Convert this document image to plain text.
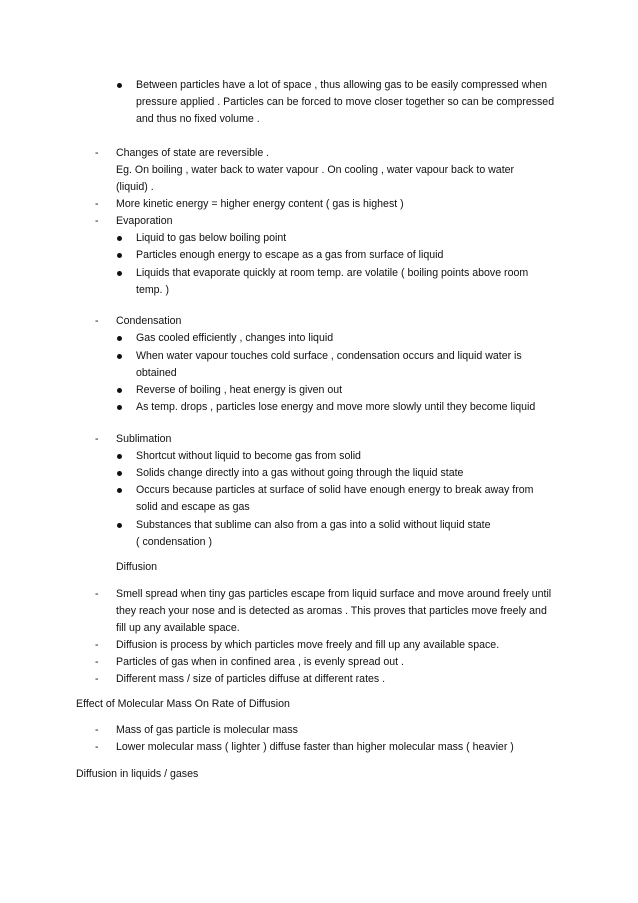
Between particles have a lot of space , thus allowing gas to be easily compressed when
pressure applied . Particles can be forced to move closer together so can be compressed
and thus no fixed volume .
-	Changes of state are reversible .
Eg. On boiling , water back to water vapour . On cooling , water vapour back to water
(liquid) .
-	More kinetic energy = higher energy content ( gas is highest )
-	Evaporation
Liquid to gas below boiling point
Particles enough energy to escape as a gas from surface of liquid
Liquids that evaporate quickly at room temp. are volatile ( boiling points above room
temp. )
-	Condensation
Gas cooled efficiently , changes into liquid
When water vapour touches cold surface , condensation occurs and liquid water is
obtained
Reverse of boiling , heat energy is given out
As temp. drops , particles lose energy and move more slowly until they become liquid
-	Sublimation
Shortcut without liquid to become gas from solid
Solids change directly into a gas without going through the liquid state
Occurs because particles at surface of solid have enough energy to break away from
solid and escape as gas
Substances that sublime can also from a gas into a solid without liquid state
( condensation )
Diffusion
-	Smell spread when tiny gas particles escape from liquid surface and move around freely until
they reach your nose and is detected as aromas . This proves that particles move freely and
fill up any available space.
-	Diffusion is process by which particles move freely and fill up any available space.
-	Particles of gas when in confined area , is evenly spread out .
-	Different mass / size of particles diffuse at different rates .
Effect of Molecular Mass On Rate of Diffusion
-	Mass of gas particle is molecular mass
-	Lower molecular mass ( lighter ) diffuse faster than higher molecular mass ( heavier )
Diffusion in liquids / gases
